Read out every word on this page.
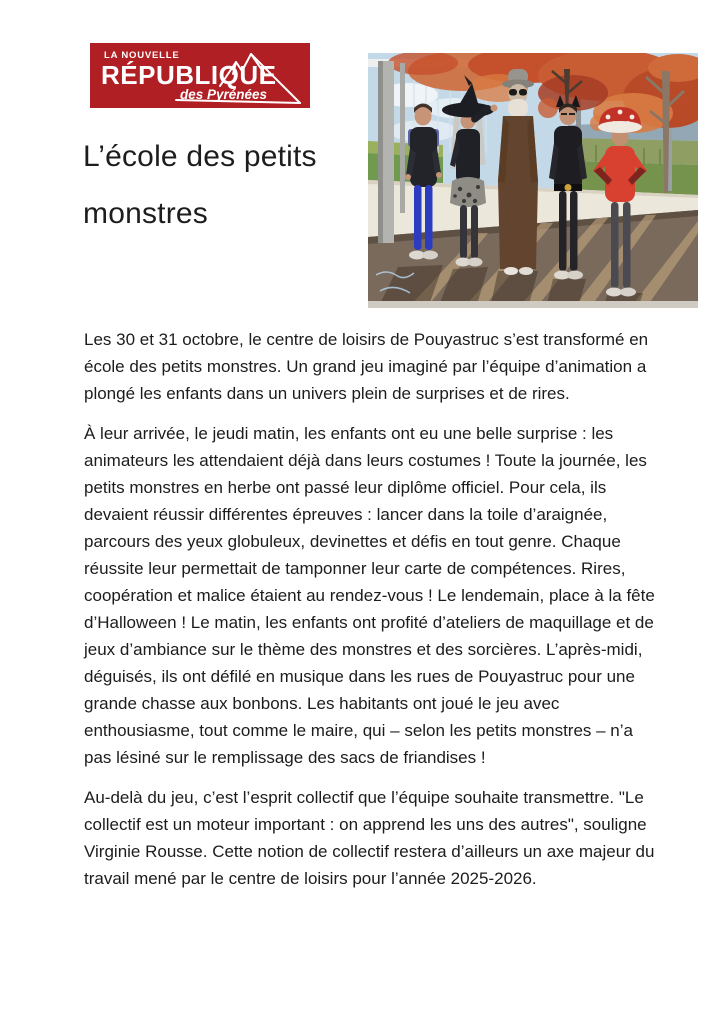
LA NOUVELLE
RÉPUBLIQUE
des Pyrénées
L’école des petits monstres

Les 30 et 31 octobre, le centre de loisirs de Pouyastruc s’est transformé en école des petits monstres. Un grand jeu imaginé par l’équipe d’animation a plongé les enfants dans un univers plein de surprises et de rires.

À leur arrivée, le jeudi matin, les enfants ont eu une belle surprise : les animateurs les attendaient déjà dans leurs costumes ! Toute la journée, les petits monstres en herbe ont passé leur diplôme officiel. Pour cela, ils devaient réussir différentes épreuves : lancer dans la toile d’araignée, parcours des yeux globuleux, devinettes et défis en tout genre. Chaque réussite leur permettait de tamponner leur carte de compétences. Rires, coopération et malice étaient au rendez-vous ! Le lendemain, place à la fête d’Halloween ! Le matin, les enfants ont profité d’ateliers de maquillage et de jeux d’ambiance sur le thème des monstres et des sorcières. L’après-midi, déguisés, ils ont défilé en musique dans les rues de Pouyastruc pour une grande chasse aux bonbons. Les habitants ont joué le jeu avec enthousiasme, tout comme le maire, qui – selon les petits monstres – n’a pas lésiné sur le remplissage des sacs de friandises !

Au-delà du jeu, c’est l’esprit collectif que l’équipe souhaite transmettre. "Le collectif est un moteur important : on apprend les uns des autres", souligne Virginie Rousse. Cette notion de collectif restera d’ailleurs un axe majeur du travail mené par le centre de loisirs pour l’année 2025-2026.
